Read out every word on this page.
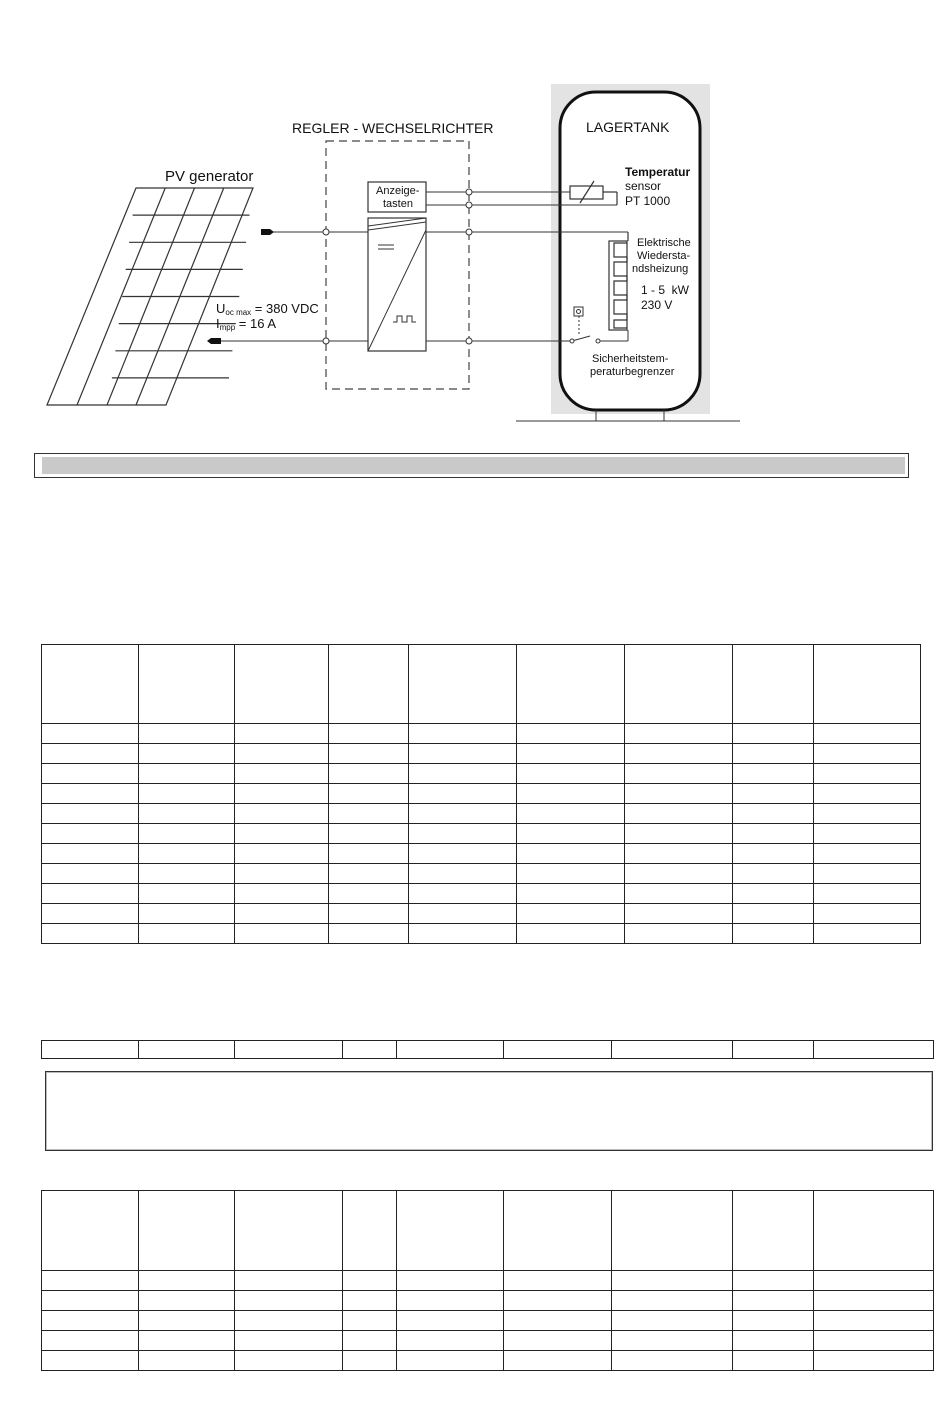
PV generator
REGLER - WECHSELRICHTER
Anzeige-
tasten
LAGERTANK
Temperatur
sensor
PT 1000
Elektrische
Wiedersta-
ndsheizung
1 - 5  kW
230 V
Sicherheitstem-
peraturbegrenzer
Uoc max = 380 VDC
Impp = 16 A
